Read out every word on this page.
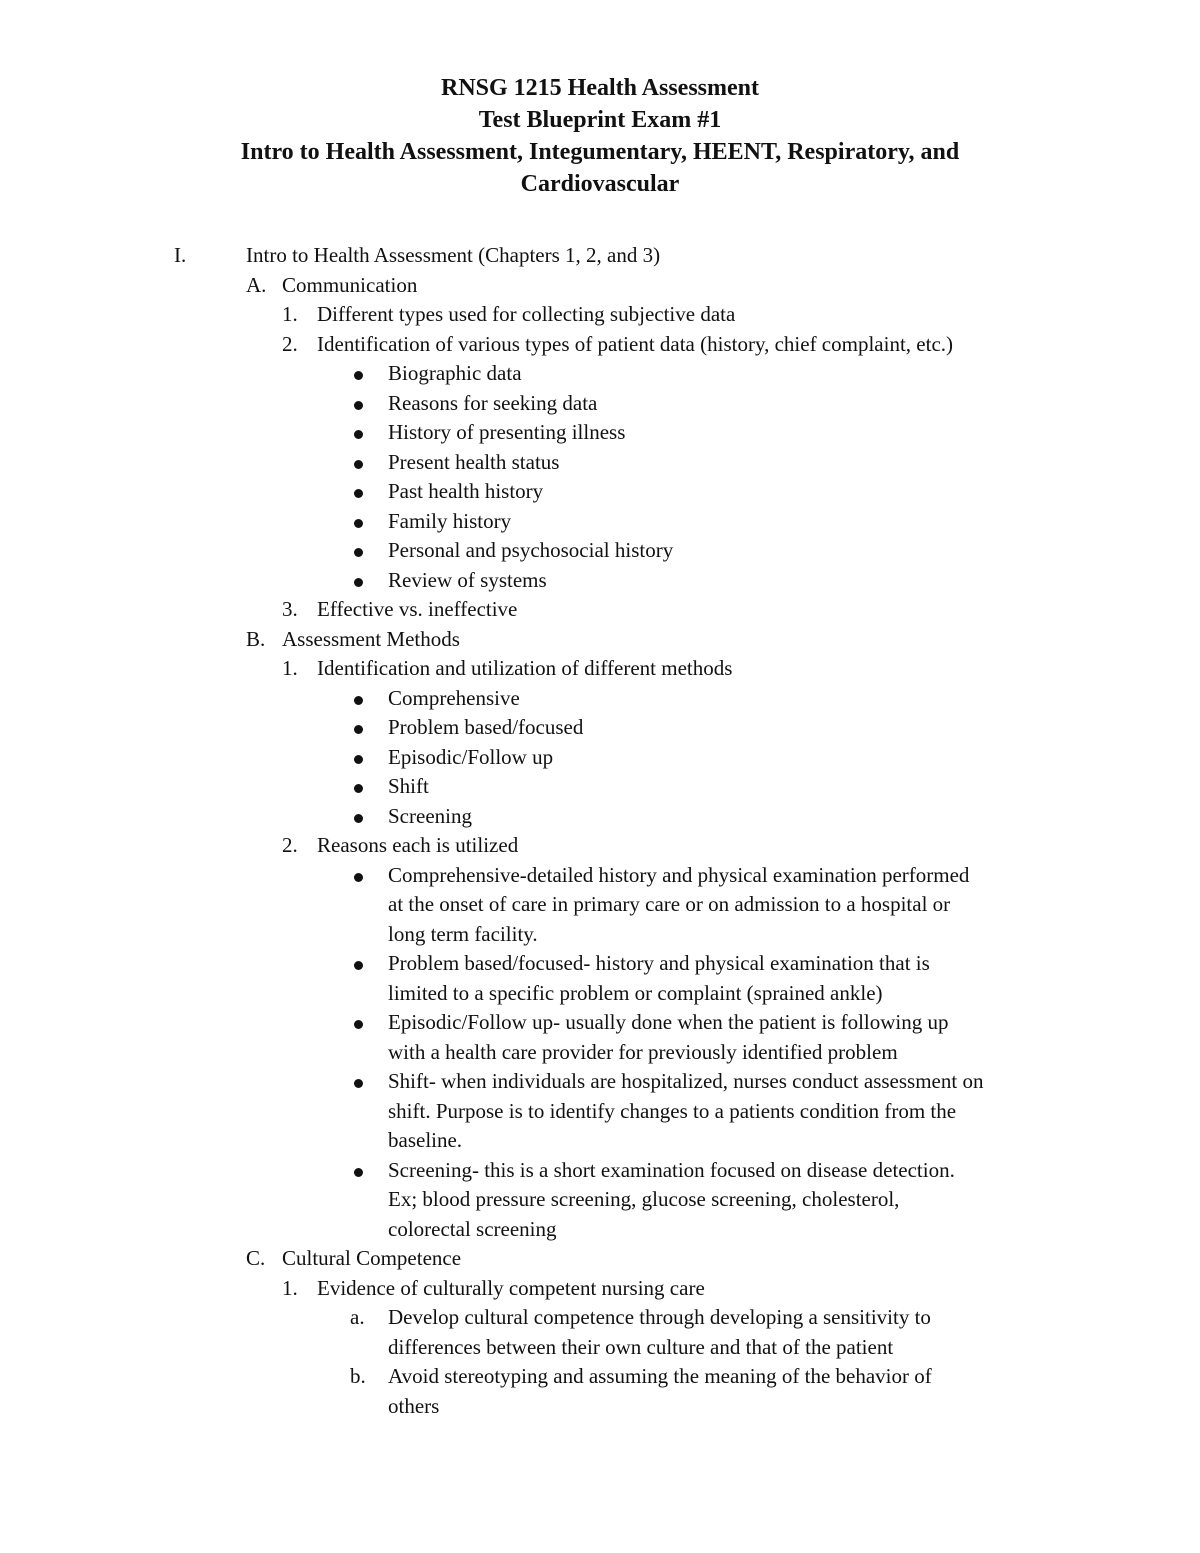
RNSG 1215 Health Assessment
Test Blueprint Exam #1
Intro to Health Assessment, Integumentary, HEENT, Respiratory, and
Cardiovascular
I.	Intro to Health Assessment (Chapters 1, 2, and 3)
A. Communication
1. Different types used for collecting subjective data
2. Identification of various types of patient data (history, chief complaint, etc.)
Biographic data
Reasons for seeking data
History of presenting illness
Present health status
Past health history
Family history
Personal and psychosocial history
Review of systems
3. Effective vs. ineffective
B. Assessment Methods
1. Identification and utilization of different methods
Comprehensive
Problem based/focused
Episodic/Follow up
Shift
Screening
2. Reasons each is utilized
Comprehensive-detailed history and physical examination performed
at the onset of care in primary care or on admission to a hospital or
long term facility.
Problem based/focused- history and physical examination that is
limited to a specific problem or complaint (sprained ankle)
Episodic/Follow up- usually done when the patient is following up
with a health care provider for previously identified problem
Shift- when individuals are hospitalized, nurses conduct assessment on
shift. Purpose is to identify changes to a patients condition from the
baseline.
Screening- this is a short examination focused on disease detection.
Ex; blood pressure screening, glucose screening, cholesterol,
colorectal screening
C. Cultural Competence
1. Evidence of culturally competent nursing care
a. Develop cultural competence through developing a sensitivity to
differences between their own culture and that of the patient
b. Avoid stereotyping and assuming the meaning of the behavior of
others
